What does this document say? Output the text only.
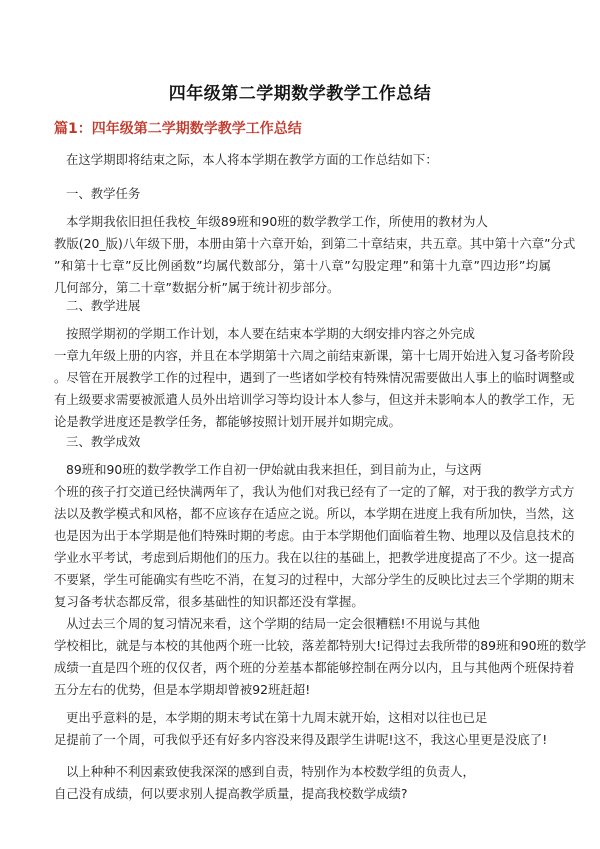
四年级第二学期数学教学工作总结
篇1：四年级第二学期数学教学工作总结
在这学期即将结束之际，本人将本学期在教学方面的工作总结如下：
一、教学任务
本学期我依旧担任我校_年级89班和90班的数学教学工作，所使用的教材为人
教版(20_版)八年级下册，本册由第十六章开始，到第二十章结束，共五章。其中第十六章”分式
”和第十七章”反比例函数”均属代数部分，第十八章”勾股定理”和第十九章”四边形”均属
几何部分，第二十章”数据分析”属于统计初步部分。
二、教学进展
按照学期初的学期工作计划，本人要在结束本学期的大纲安排内容之外完成
一章九年级上册的内容，并且在本学期第十六周之前结束新课，第十七周开始进入复习备考阶段
。尽管在开展教学工作的过程中，遇到了一些诸如学校有特殊情况需要做出人事上的临时调整或
有上级要求需要被派遣人员外出培训学习等均设计本人参与，但这并未影响本人的教学工作，无
论是教学进度还是教学任务，都能够按照计划开展并如期完成。
三、教学成效
89班和90班的数学教学工作自初一伊始就由我来担任，到目前为止，与这两
个班的孩子打交道已经快满两年了，我认为他们对我已经有了一定的了解，对于我的教学方式方
法以及教学模式和风格，都不应该存在适应之说。所以，本学期在进度上我有所加快，当然，这
也是因为出于本学期是他们特殊时期的考虑。由于本学期他们面临着生物、地理以及信息技术的
学业水平考试，考虑到后期他们的压力。我在以往的基础上，把教学进度提高了不少。这一提高
不要紧，学生可能确实有些吃不消，在复习的过程中，大部分学生的反映比过去三个学期的期末
复习备考状态都反常，很多基础性的知识都还没有掌握。
从过去三个周的复习情况来看，这个学期的结局一定会很糟糕!不用说与其他
学校相比，就是与本校的其他两个班一比较，落差都特别大!记得过去我所带的89班和90班的数学
成绩一直是四个班的仅仅者，两个班的分差基本都能够控制在两分以内，且与其他两个班保持着
五分左右的优势，但是本学期却曾被92班赶超!
更出乎意料的是，本学期的期末考试在第十九周末就开始，这相对以往也已足
足提前了一个周，可我似乎还有好多内容没来得及跟学生讲呢!这不，我这心里更是没底了!
以上种种不利因素致使我深深的感到自责，特别作为本校数学组的负责人，
自己没有成绩，何以要求别人提高教学质量，提高我校数学成绩?
